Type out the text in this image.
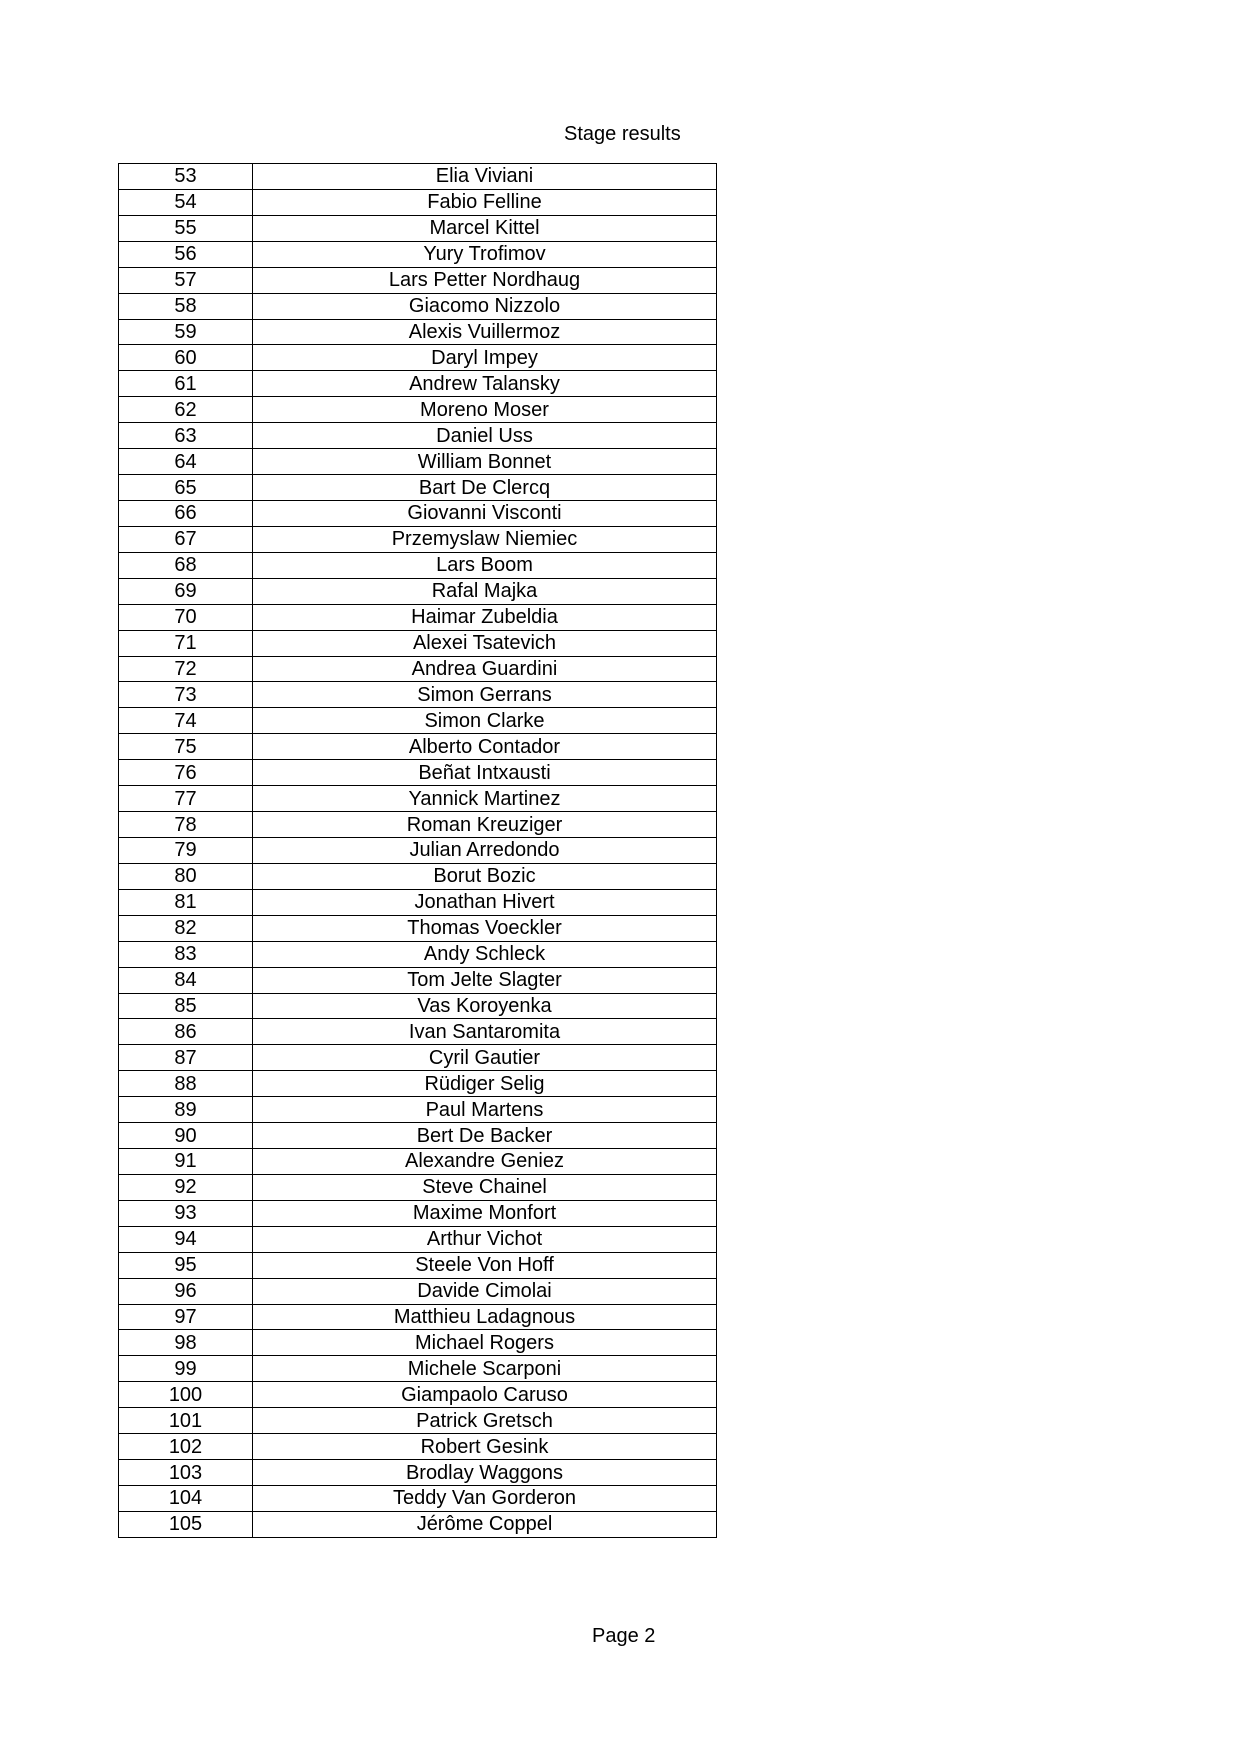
Stage results
53	Elia Viviani
54	Fabio Felline
55	Marcel Kittel
56	Yury Trofimov
57	Lars Petter Nordhaug
58	Giacomo Nizzolo
59	Alexis Vuillermoz
60	Daryl Impey
61	Andrew Talansky
62	Moreno Moser
63	Daniel Uss
64	William Bonnet
65	Bart De Clercq
66	Giovanni Visconti
67	Przemyslaw Niemiec
68	Lars Boom
69	Rafal Majka
70	Haimar Zubeldia
71	Alexei Tsatevich
72	Andrea Guardini
73	Simon Gerrans
74	Simon Clarke
75	Alberto Contador
76	Beñat Intxausti
77	Yannick Martinez
78	Roman Kreuziger
79	Julian Arredondo
80	Borut Bozic
81	Jonathan Hivert
82	Thomas Voeckler
83	Andy Schleck
84	Tom Jelte Slagter
85	Vas Koroyenka
86	Ivan Santaromita
87	Cyril Gautier
88	Rüdiger Selig
89	Paul Martens
90	Bert De Backer
91	Alexandre Geniez
92	Steve Chainel
93	Maxime Monfort
94	Arthur Vichot
95	Steele Von Hoff
96	Davide Cimolai
97	Matthieu Ladagnous
98	Michael Rogers
99	Michele Scarponi
100	Giampaolo Caruso
101	Patrick Gretsch
102	Robert Gesink
103	Brodlay Waggons
104	Teddy Van Gorderon
105	Jérôme Coppel
Page 2
